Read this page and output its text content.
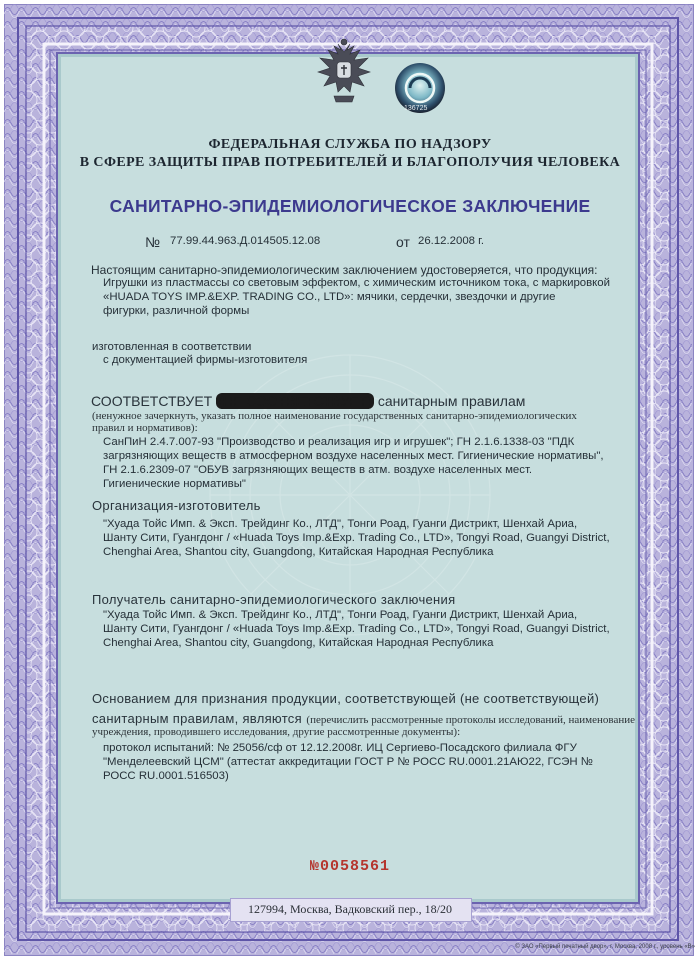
136725
ФЕДЕРАЛЬНАЯ СЛУЖБА ПО НАДЗОРУ
В СФЕРЕ ЗАЩИТЫ ПРАВ ПОТРЕБИТЕЛЕЙ И БЛАГОПОЛУЧИЯ ЧЕЛОВЕКА
САНИТАРНО-ЭПИДЕМИОЛОГИЧЕСКОЕ ЗАКЛЮЧЕНИЕ
№ 77.99.44.963.Д.014505.12.08	от 26.12.2008 г.
Настоящим санитарно-эпидемиологическим заключением удостоверяется, что продукция:
Игрушки из пластмассы со световым эффектом, с химическим источником тока, с маркировкой
«HUADA TOYS IMP.&EXP. TRADING CO., LTD»: мячики, сердечки, звездочки и другие
фигурки, различной формы
изготовленная в соответствии
с документацией фирмы-изготовителя
СООТВЕТСТВУЕТ (НЕ СООТВЕТСТВУЕТ) санитарным правилам
(ненужное зачеркнуть, указать полное наименование государственных санитарно-эпидемиологических
правил и нормативов):
СанПиН 2.4.7.007-93 "Производство и реализация игр и игрушек"; ГН 2.1.6.1338-03 "ПДК
загрязняющих веществ в атмосферном воздухе населенных мест. Гигиенические нормативы",
ГН 2.1.6.2309-07 "ОБУВ загрязняющих веществ в атм. воздухе населенных мест.
Гигиенические нормативы"
Организация-изготовитель
"Хуада Тойс Имп. & Эксп. Трейдинг Ко., ЛТД", Тонги Роад, Гуанги Дистрикт, Шенхай Ариа,
Шанту Сити, Гуангдонг / «Huada Toys Imp.&Exp. Trading Co., LTD», Tongyi Road, Guangyi District,
Chenghai Area, Shantou city, Guangdong, Китайская Народная Республика
Получатель санитарно-эпидемиологического заключения
"Хуада Тойс Имп. & Эксп. Трейдинг Ко., ЛТД", Тонги Роад, Гуанги Дистрикт, Шенхай Ариа,
Шанту Сити, Гуангдонг / «Huada Toys Imp.&Exp. Trading Co., LTD», Tongyi Road, Guangyi District,
Chenghai Area, Shantou city, Guangdong, Китайская Народная Республика
Основанием для признания продукции, соответствующей (не соответствующей)
санитарным правилам, являются (перечислить рассмотренные протоколы исследований, наименование
учреждения, проводившего исследования, другие рассмотренные документы):
протокол испытаний: № 25056/сф от 12.12.2008г. ИЦ Сергиево-Посадского филиала ФГУ
"Менделеевский ЦСМ" (аттестат аккредитации ГОСТ Р № РОСС RU.0001.21АЮ22, ГСЭН №
РОСС RU.0001.516503)
№0058561
127994, Москва, Вадковский пер., 18/20
© ЗАО «Первый печатный двор», г. Москва, 2008 г., уровень «В»
